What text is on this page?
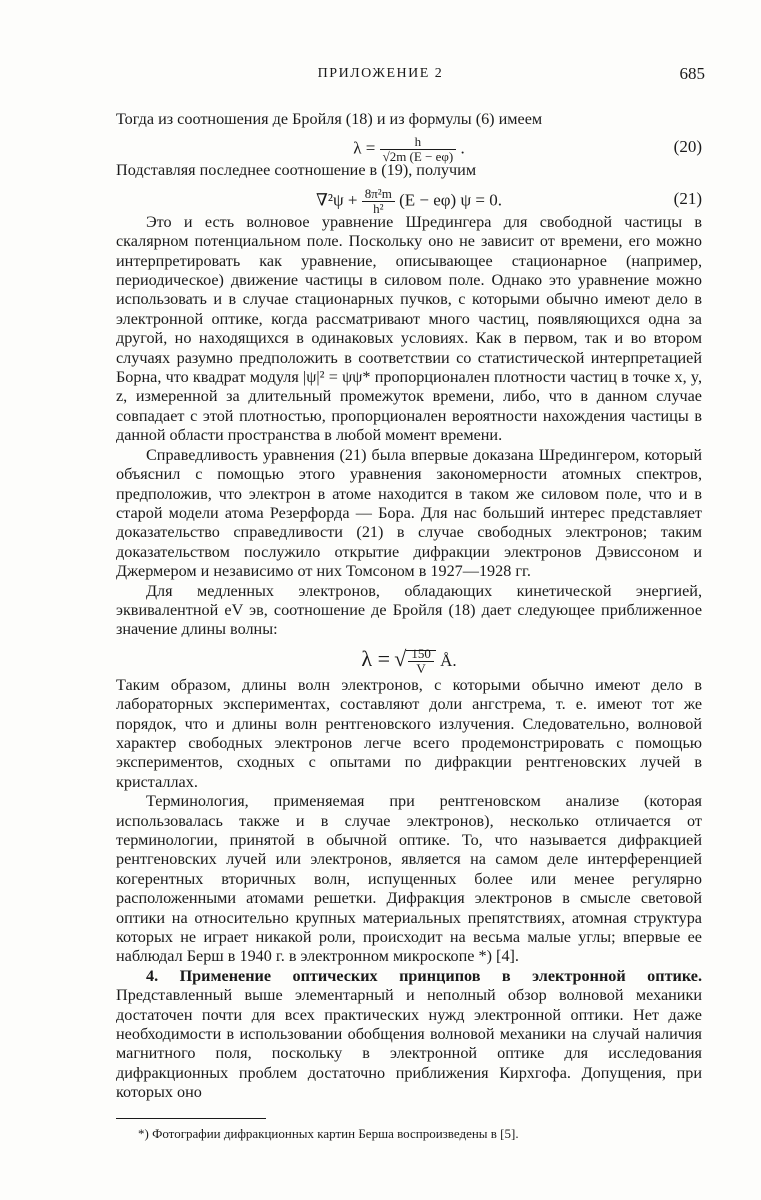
ПРИЛОЖЕНИЕ 2	685

Тогда из соотношения де Бройля (18) и из формулы (6) имеем

$\lambda = \frac{h}{√2m (E - e\varphi)}$ .	(20)

Подставляя последнее соотношение в (19), получим

$\nabla^2\psi + \frac{\text{8π²m}}{\text{h²}} (E - e\varphi) \psi = 0$.	(21)

Это и есть волновое уравнение Шредингера для свободной частицы в скалярном потенциальном поле. Поскольку оно не зависит от времени, его можно интерпретировать как уравнение, описывающее стационарное (например, периодическое) движение частицы в силовом поле. Однако это уравнение можно использовать и в случае стационарных пучков, с которыми обычно имеют дело в электронной оптике, когда рассматривают много частиц, появляющихся одна за другой, но находящихся в одинаковых условиях. Как в первом, так и во втором случаях разумно предположить в соответствии со статистической интерпретацией Борна, что квадрат модуля |ψ|² = ψψ* пропорционален плотности частиц в точке x, y, z, измеренной за длительный промежуток времени, либо, что в данном случае совпадает с этой плотностью, пропорционален вероятности нахождения частицы в данной области пространства в любой момент времени.

Справедливость уравнения (21) была впервые доказана Шредингером, который объяснил с помощью этого уравнения закономерности атомных спектров, предположив, что электрон в атоме находится в таком же силовом поле, что и в старой модели атома Резерфорда — Бора. Для нас больший интерес представляет доказательство справедливости (21) в случае свободных электронов; таким доказательством послужило открытие дифракции электронов Дэвиссоном и Джермером и независимо от них Томсоном в 1927—1928 гг.

Для медленных электронов, обладающих кинетической энергией, эквивалентной eV эв, соотношение де Бройля (18) дает следующее приближенное значение длины волны:

λ = √ $\frac{150}{V}$ Å.

Таким образом, длины волн электронов, с которыми обычно имеют дело в лабораторных экспериментах, составляют доли ангстрема, т. е. имеют тот же порядок, что и длины волн рентгеновского излучения. Следовательно, волновой характер свободных электронов легче всего продемонстрировать с помощью экспериментов, сходных с опытами по дифракции рентгеновских лучей в кристаллах.

Терминология, применяемая при рентгеновском анализе (которая использовалась также и в случае электронов), несколько отличается от терминологии, принятой в обычной оптике. То, что называется дифракцией рентгеновских лучей или электронов, является на самом деле интерференцией когерентных вторичных волн, испущенных более или менее регулярно расположенными атомами решетки. Дифракция электронов в смысле световой оптики на относительно крупных материальных препятствиях, атомная структура которых не играет никакой роли, происходит на весьма малые углы; впервые ее наблюдал Берш в 1940 г. в электронном микроскопе *) [4].

4. Применение оптических принципов в электронной оптике. Представленный выше элементарный и неполный обзор волновой механики достаточен почти для всех практических нужд электронной оптики. Нет даже необходимости в использовании обобщения волновой механики на случай наличия магнитного поля, поскольку в электронной оптике для исследования дифракционных проблем достаточно приближения Кирхгофа. Допущения, при которых оно

*) Фотографии дифракционных картин Берша воспроизведены в [5].
